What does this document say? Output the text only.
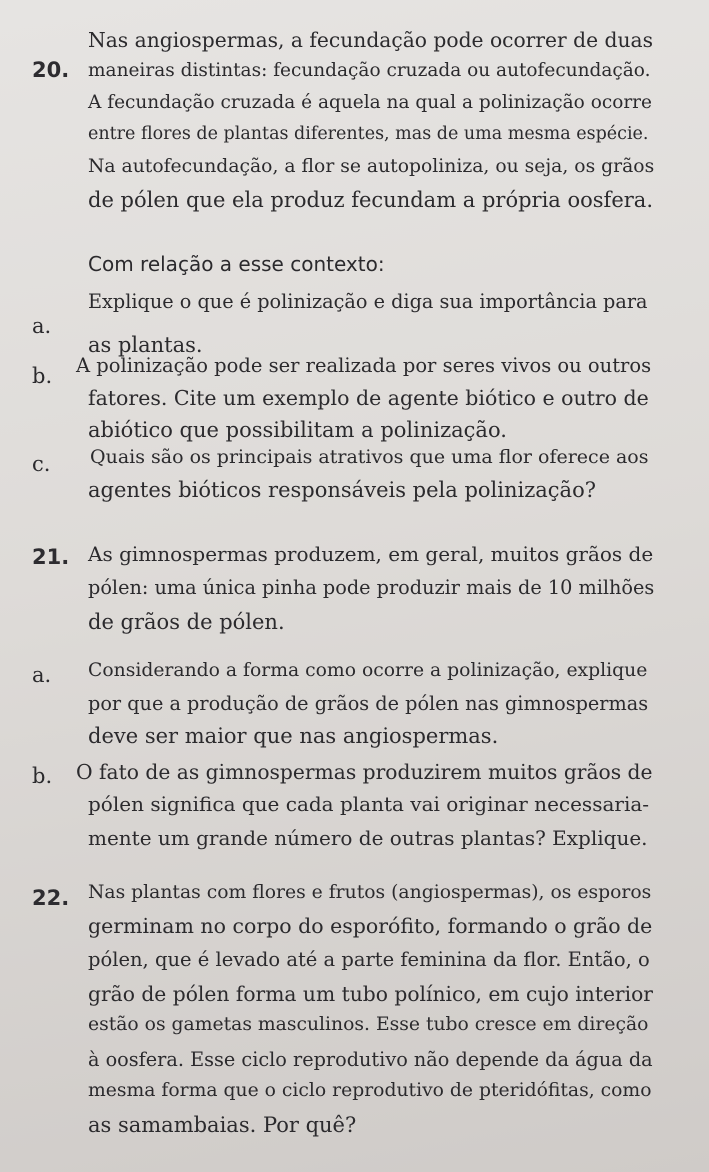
20.
Nas angiospermas, a fecundação pode ocorrer de duas
maneiras distintas: fecundação cruzada ou autofecundação.
A fecundação cruzada é aquela na qual a polinização ocorre
entre flores de plantas diferentes, mas de uma mesma espécie.
Na autofecundação, a flor se autopoliniza, ou seja, os grãos
de pólen que ela produz fecundam a própria oosfera.
Com relação a esse contexto:
a.
Explique o que é polinização e diga sua importância para
as plantas.
b. A polinização pode ser realizada por seres vivos ou outros
fatores. Cite um exemplo de agente biótico e outro de
abiótico que possibilitam a polinização.
c. Quais são os principais atrativos que uma flor oferece aos
agentes bióticos responsáveis pela polinização?
21. As gimnospermas produzem, em geral, muitos grãos de
pólen: uma única pinha pode produzir mais de 10 milhões
de grãos de pólen.
a. Considerando a forma como ocorre a polinização, explique
por que a produção de grãos de pólen nas gimnospermas
deve ser maior que nas angiospermas.
b. O fato de as gimnospermas produzirem muitos grãos de
pólen significa que cada planta vai originar necessaria-
mente um grande número de outras plantas? Explique.
22. Nas plantas com flores e frutos (angiospermas), os esporos
germinam no corpo do esporófito, formando o grão de
pólen, que é levado até a parte feminina da flor. Então, o
grão de pólen forma um tubo polínico, em cujo interior
estão os gametas masculinos. Esse tubo cresce em direção
à oosfera. Esse ciclo reprodutivo não depende da água da
mesma forma que o ciclo reprodutivo de pteridófitas, como
as samambaias. Por quê?
